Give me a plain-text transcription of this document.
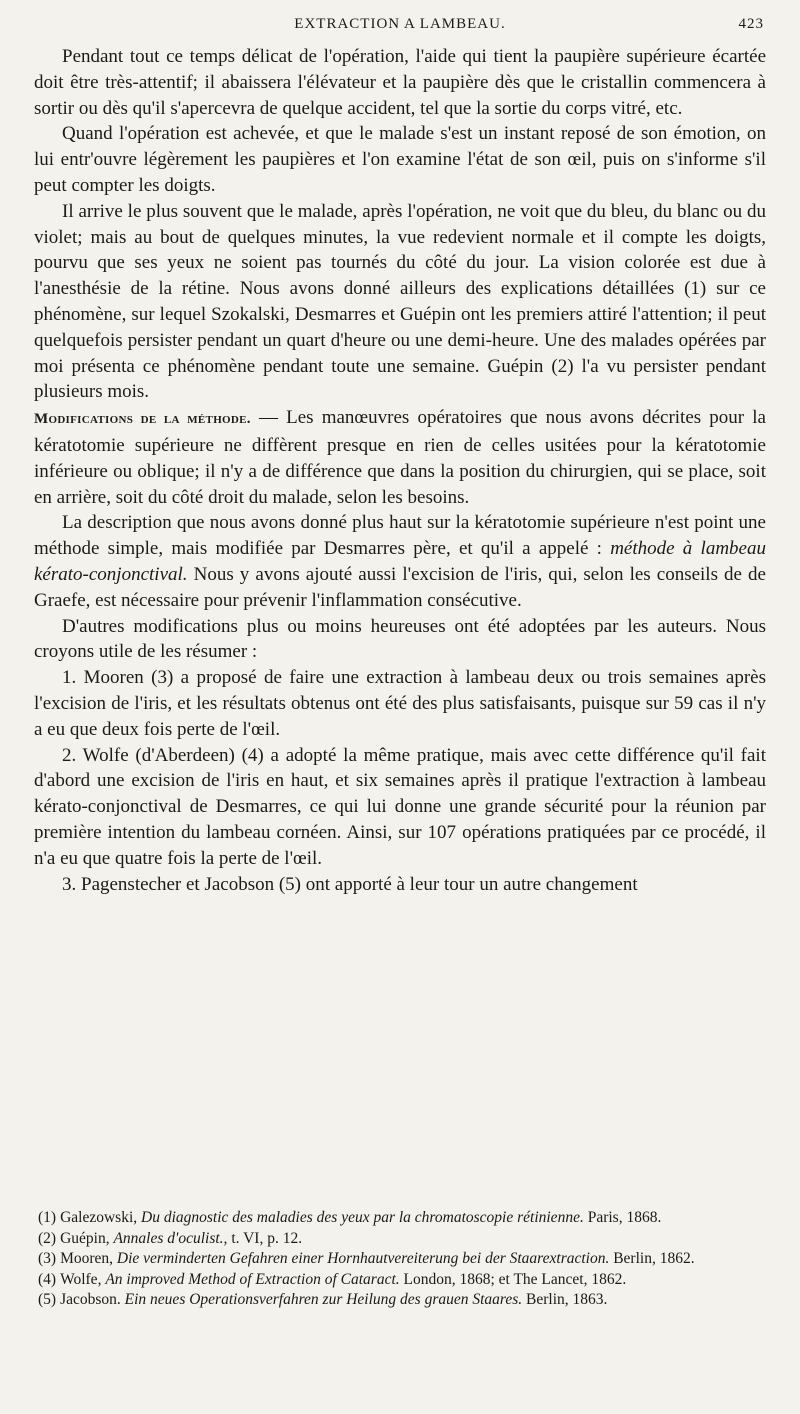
EXTRACTION A LAMBEAU.	423

Pendant tout ce temps délicat de l'opération, l'aide qui tient la paupière supérieure écartée doit être très-attentif; il abaissera l'élévateur et la paupière dès que le cristallin commencera à sortir ou dès qu'il s'apercevra de quelque accident, tel que la sortie du corps vitré, etc.

Quand l'opération est achevée, et que le malade s'est un instant reposé de son émotion, on lui entr'ouvre légèrement les paupières et l'on examine l'état de son œil, puis on s'informe s'il peut compter les doigts.

Il arrive le plus souvent que le malade, après l'opération, ne voit que du bleu, du blanc ou du violet; mais au bout de quelques minutes, la vue redevient normale et il compte les doigts, pourvu que ses yeux ne soient pas tournés du côté du jour. La vision colorée est due à l'anesthésie de la rétine. Nous avons donné ailleurs des explications détaillées (1) sur ce phénomène, sur lequel Szokalski, Desmarres et Guépin ont les premiers attiré l'attention; il peut quelquefois persister pendant un quart d'heure ou une demi-heure. Une des malades opérées par moi présenta ce phénomène pendant toute une semaine. Guépin (2) l'a vu persister pendant plusieurs mois.

Modifications de la méthode. — Les manœuvres opératoires que nous avons décrites pour la kératotomie supérieure ne diffèrent presque en rien de celles usitées pour la kératotomie inférieure ou oblique; il n'y a de différence que dans la position du chirurgien, qui se place, soit en arrière, soit du côté droit du malade, selon les besoins.

La description que nous avons donné plus haut sur la kératotomie supérieure n'est point une méthode simple, mais modifiée par Desmarres père, et qu'il a appelé : méthode à lambeau kérato-conjonctival. Nous y avons ajouté aussi l'excision de l'iris, qui, selon les conseils de de Graefe, est nécessaire pour prévenir l'inflammation consécutive.

D'autres modifications plus ou moins heureuses ont été adoptées par les auteurs. Nous croyons utile de les résumer :

1. Mooren (3) a proposé de faire une extraction à lambeau deux ou trois semaines après l'excision de l'iris, et les résultats obtenus ont été des plus satisfaisants, puisque sur 59 cas il n'y a eu que deux fois perte de l'œil.

2. Wolfe (d'Aberdeen) (4) a adopté la même pratique, mais avec cette différence qu'il fait d'abord une excision de l'iris en haut, et six semaines après il pratique l'extraction à lambeau kérato-conjonctival de Desmarres, ce qui lui donne une grande sécurité pour la réunion par première intention du lambeau cornéen. Ainsi, sur 107 opérations pratiquées par ce procédé, il n'a eu que quatre fois la perte de l'œil.

3. Pagenstecher et Jacobson (5) ont apporté à leur tour un autre changement

(1) Galezowski, Du diagnostic des maladies des yeux par la chromatoscopie rétinienne. Paris, 1868.
(2) Guépin, Annales d'oculist., t. VI, p. 12.
(3) Mooren, Die verminderten Gefahren einer Hornhautvereiterung bei der Staarextraction. Berlin, 1862.
(4) Wolfe, An improved Method of Extraction of Cataract. London, 1868; et The Lancet, 1862.
(5) Jacobson. Ein neues Operationsverfahren zur Heilung des grauen Staares. Berlin, 1863.
